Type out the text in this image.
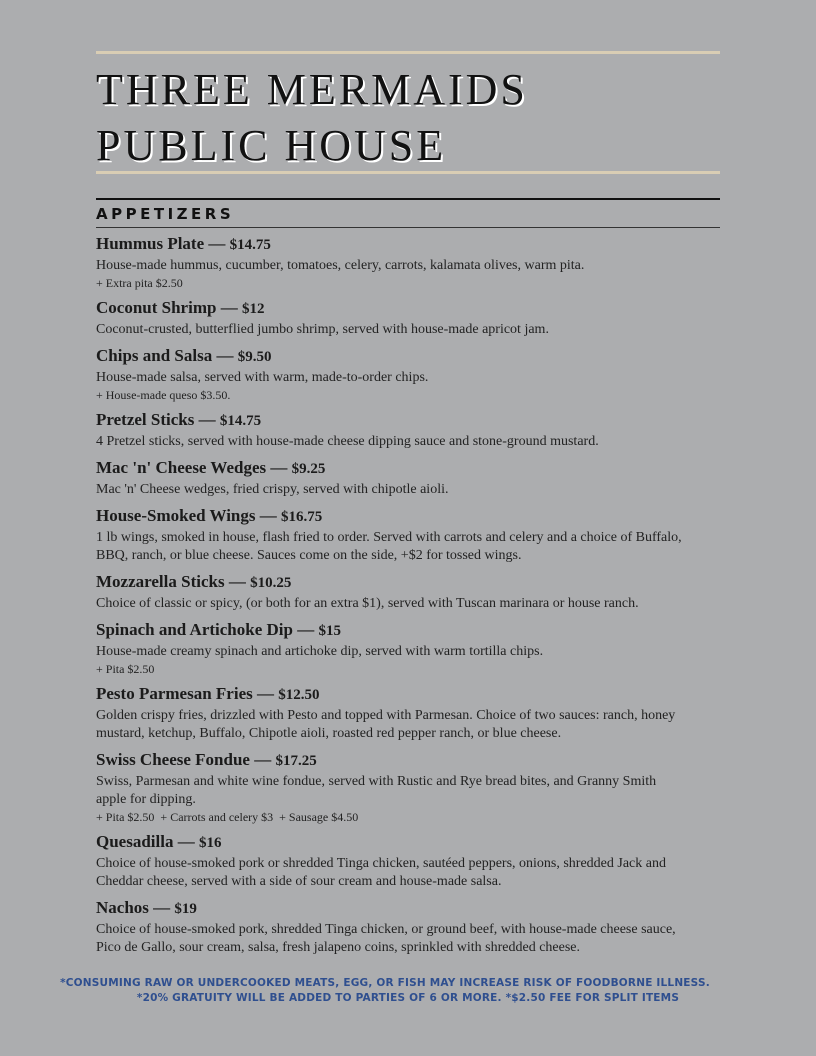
THREE MERMAIDS
PUBLIC HOUSE
APPETIZERS
Hummus Plate — $14.75
House-made hummus, cucumber, tomatoes, celery, carrots, kalamata olives, warm pita.
+ Extra pita $2.50
Coconut Shrimp — $12
Coconut-crusted, butterflied jumbo shrimp, served with house-made apricot jam.
Chips and Salsa — $9.50
House-made salsa, served with warm, made-to-order chips.
+ House-made queso $3.50.
Pretzel Sticks — $14.75
4 Pretzel sticks, served with house-made cheese dipping sauce and stone-ground mustard.
Mac 'n' Cheese Wedges — $9.25
Mac 'n' Cheese wedges, fried crispy, served with chipotle aioli.
House-Smoked Wings — $16.75
1 lb wings, smoked in house, flash fried to order. Served with carrots and celery and a choice of Buffalo, BBQ, ranch, or blue cheese. Sauces come on the side, +$2 for tossed wings.
Mozzarella Sticks — $10.25
Choice of classic or spicy, (or both for an extra $1), served with Tuscan marinara or house ranch.
Spinach and Artichoke Dip — $15
House-made creamy spinach and artichoke dip, served with warm tortilla chips.
+ Pita $2.50
Pesto Parmesan Fries — $12.50
Golden crispy fries, drizzled with Pesto and topped with Parmesan. Choice of two sauces: ranch, honey mustard, ketchup, Buffalo, Chipotle aioli, roasted red pepper ranch, or blue cheese.
Swiss Cheese Fondue — $17.25
Swiss, Parmesan and white wine fondue, served with Rustic and Rye bread bites, and Granny Smith apple for dipping.
+ Pita $2.50  + Carrots and celery $3  + Sausage $4.50
Quesadilla — $16
Choice of house-smoked pork or shredded Tinga chicken, sautéed peppers, onions, shredded Jack and Cheddar cheese, served with a side of sour cream and house-made salsa.
Nachos — $19
Choice of house-smoked pork, shredded Tinga chicken, or ground beef, with house-made cheese sauce, Pico de Gallo, sour cream, salsa, fresh jalapeno coins, sprinkled with shredded cheese.
*CONSUMING RAW OR UNDERCOOKED MEATS, EGG, OR FISH MAY INCREASE RISK OF FOODBORNE ILLNESS.
*20% GRATUITY WILL BE ADDED TO PARTIES OF 6 OR MORE. *$2.50 FEE FOR SPLIT ITEMS
